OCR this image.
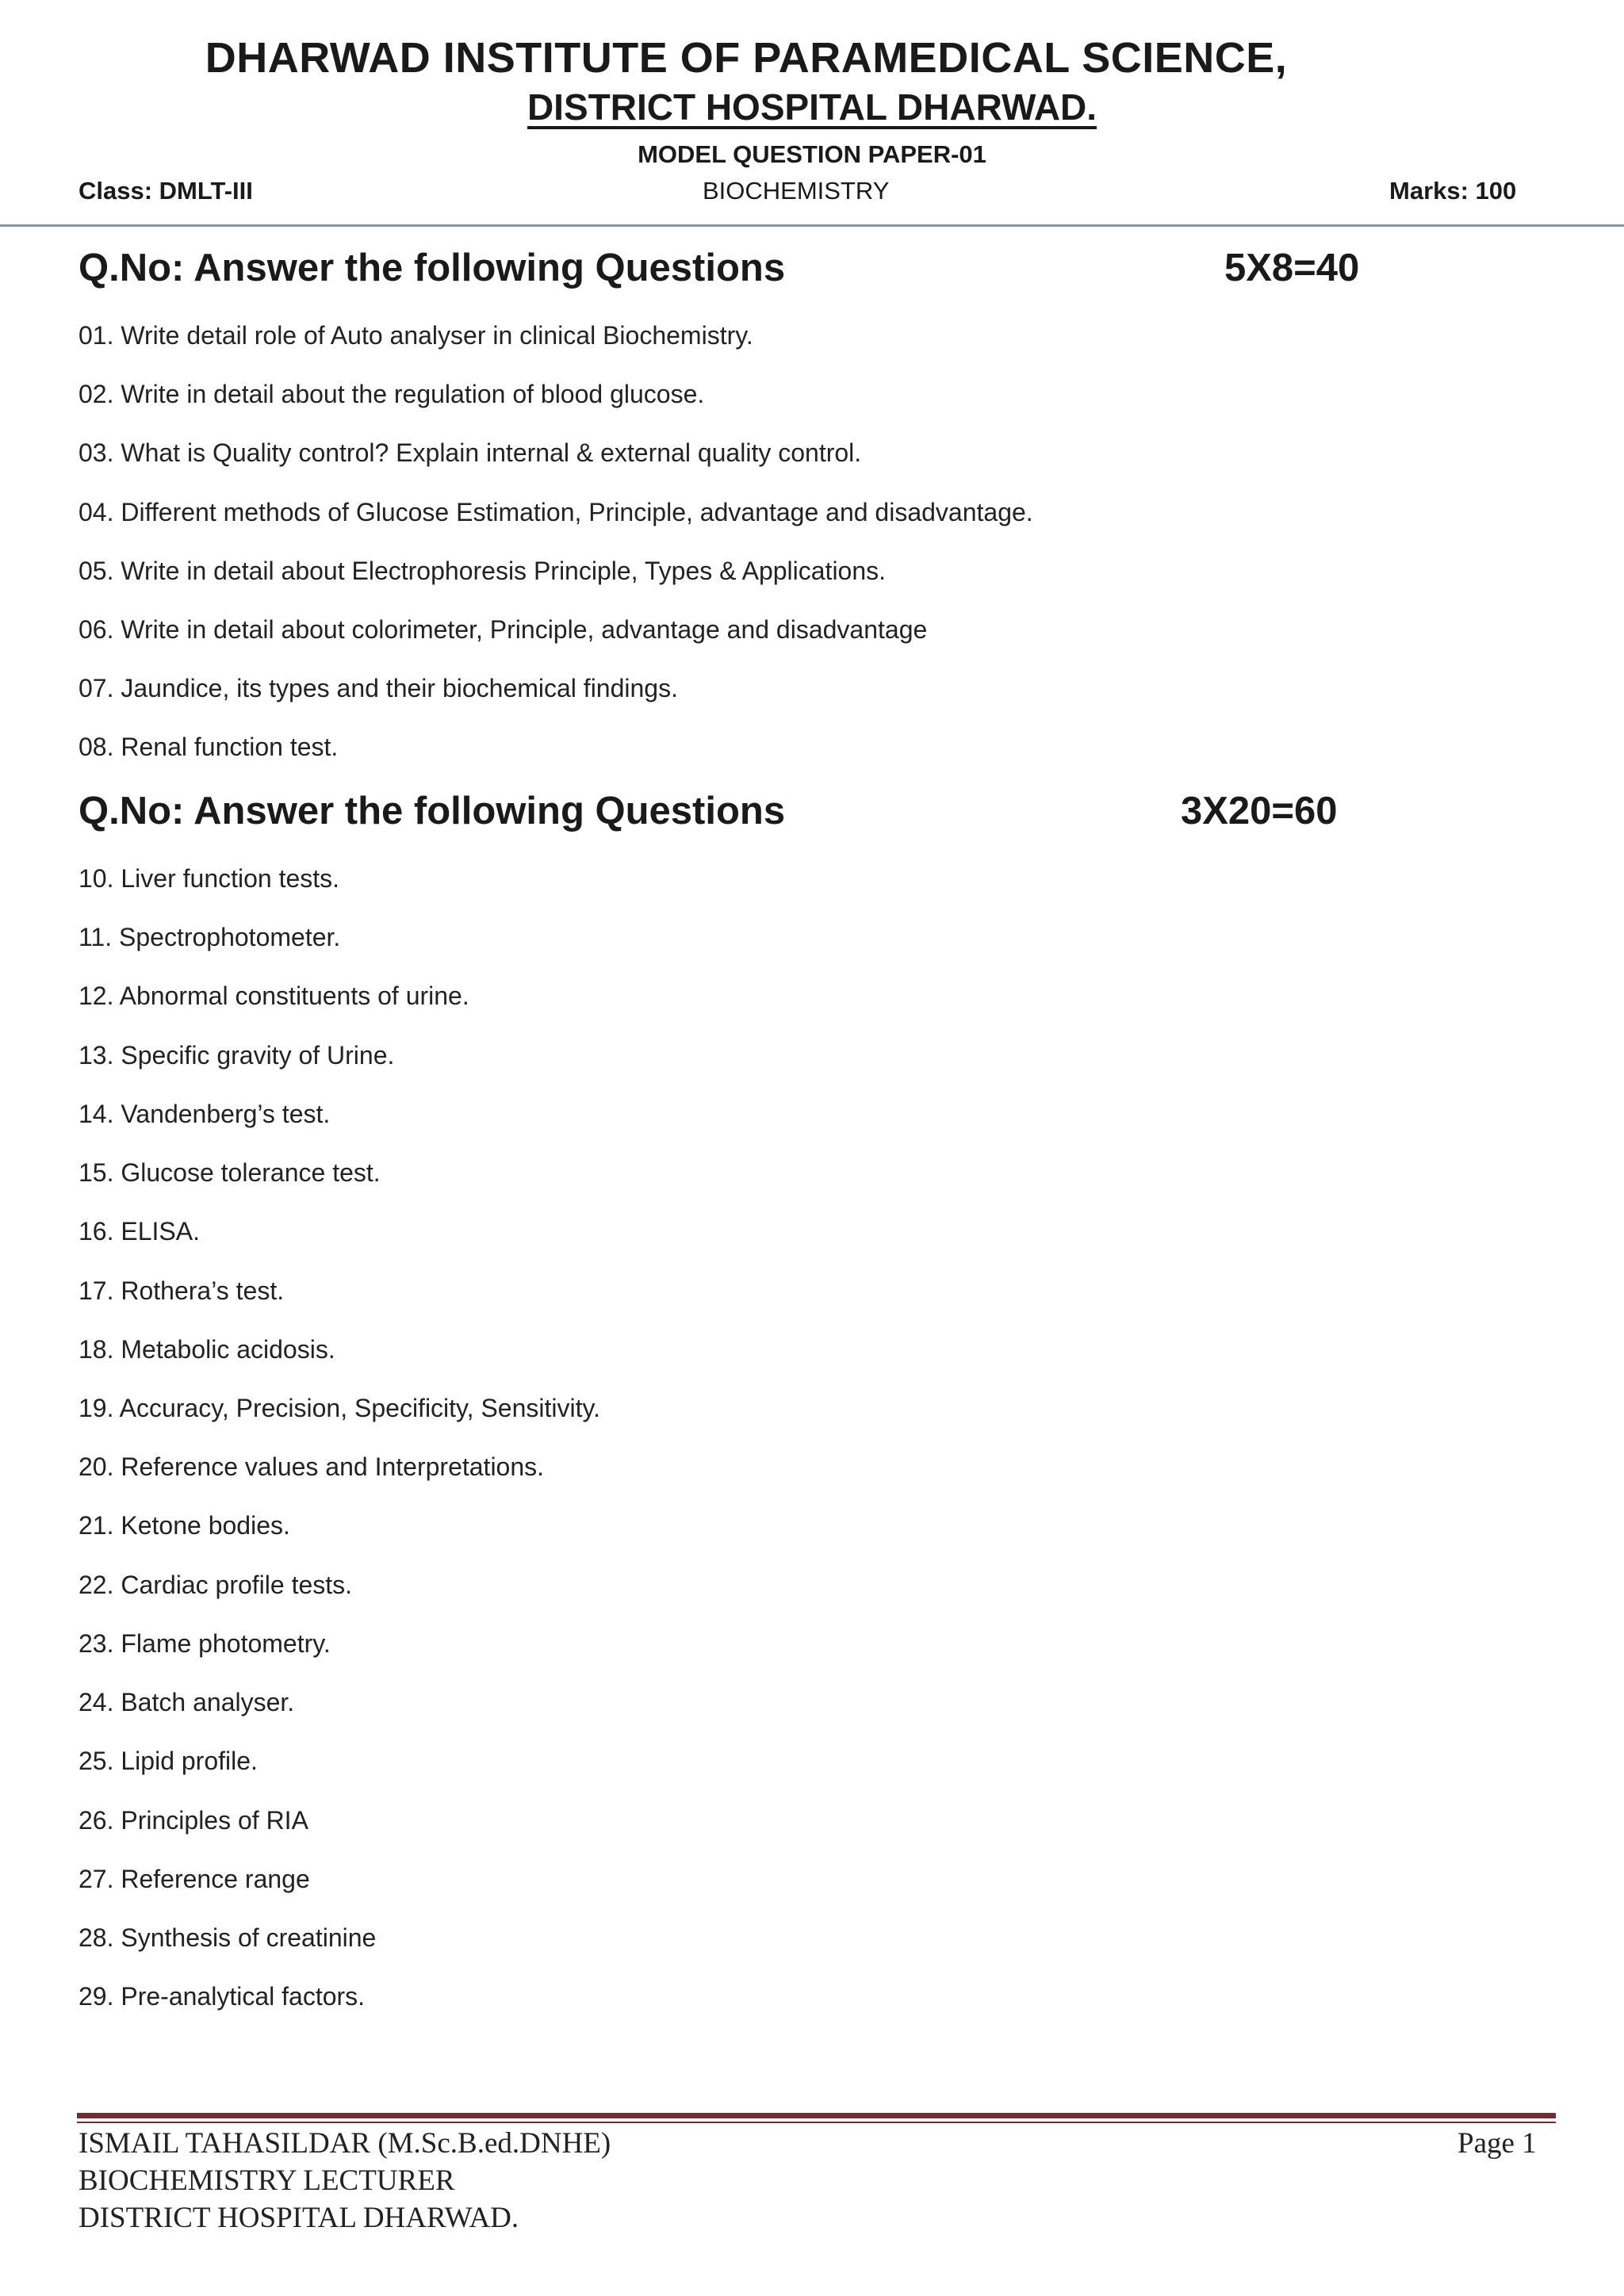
DHARWAD INSTITUTE OF PARAMEDICAL SCIENCE,
DISTRICT HOSPITAL DHARWAD.
MODEL QUESTION PAPER-01
Class: DMLT-III	BIOCHEMISTRY	Marks: 100
Q.No: Answer the following Questions	5X8=40
01. Write detail role of Auto analyser in clinical Biochemistry.
02. Write in detail about the regulation of blood glucose.
03. What is Quality control? Explain internal & external quality control.
04. Different methods of Glucose Estimation, Principle, advantage and disadvantage.
05. Write in detail about Electrophoresis Principle, Types & Applications.
06. Write in detail about colorimeter, Principle, advantage and disadvantage
07. Jaundice, its types and their biochemical findings.
08. Renal function test.
Q.No: Answer the following Questions	3X20=60
10. Liver function tests.
11. Spectrophotometer.
12. Abnormal constituents of urine.
13. Specific gravity of Urine.
14. Vandenberg’s test.
15. Glucose tolerance test.
16. ELISA.
17. Rothera’s test.
18. Metabolic acidosis.
19. Accuracy, Precision, Specificity, Sensitivity.
20. Reference values and Interpretations.
21. Ketone bodies.
22. Cardiac profile tests.
23. Flame photometry.
24. Batch analyser.
25. Lipid profile.
26. Principles of RIA
27. Reference range
28. Synthesis of creatinine
29. Pre-analytical factors.
ISMAIL TAHASILDAR (M.Sc.B.ed.DNHE)
BIOCHEMISTRY LECTURER
DISTRICT HOSPITAL DHARWAD.
Page 1
